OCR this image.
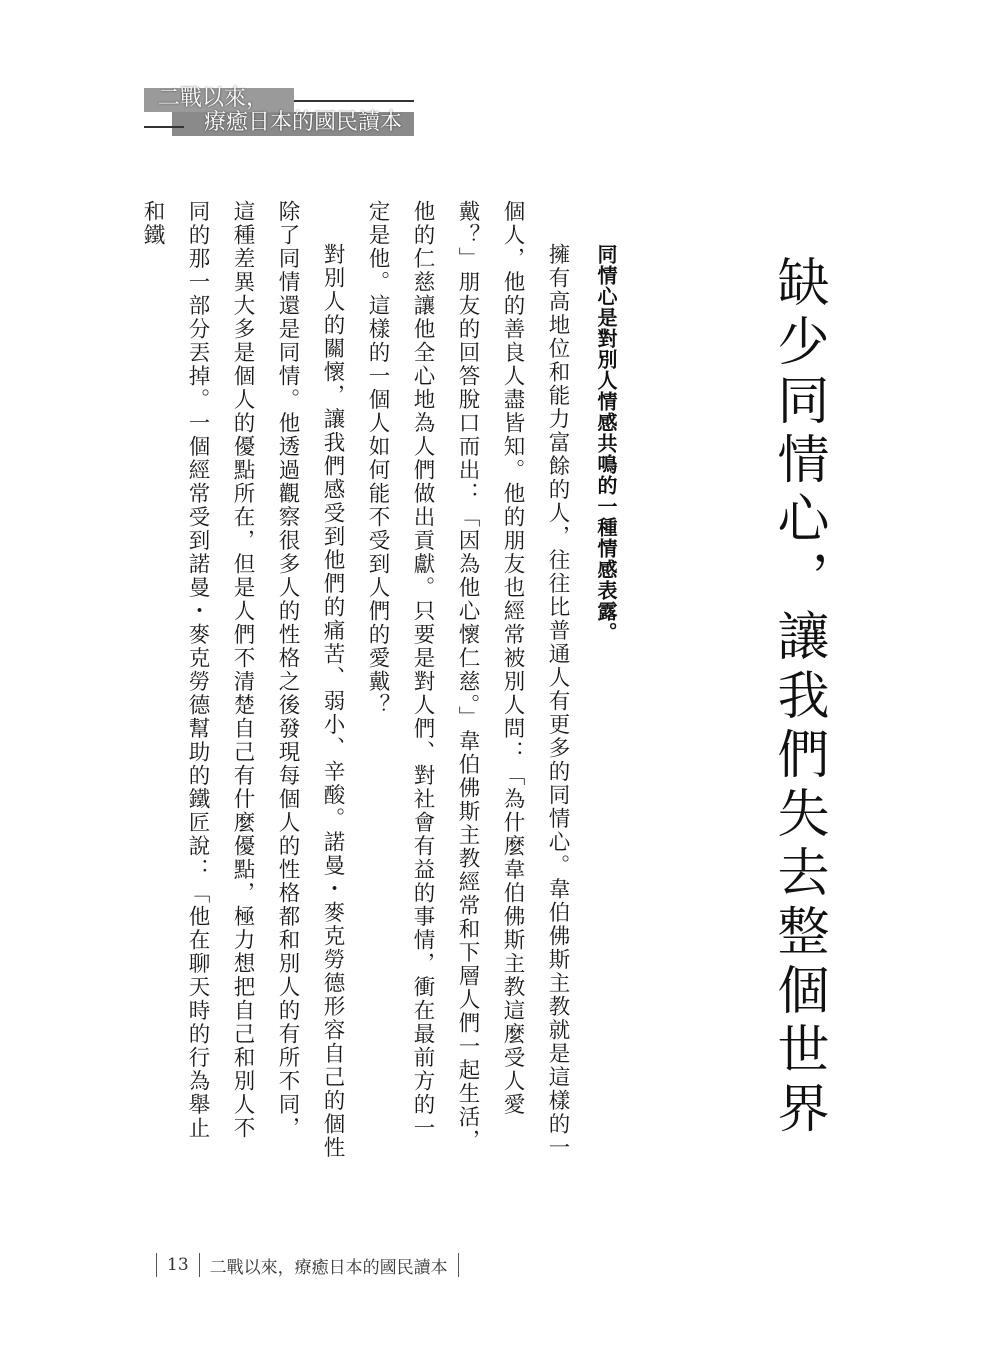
二戰以來，
療癒日本的國民讀本
缺少同情心，讓我們失去整個世界
同情心是對別人情感共鳴的一種情感表露。

擁有高地位和能力富餘的人，往往比普通人有更多的同情心。韋伯佛斯主教就是這樣的一個人，他的善良人盡皆知。他的朋友也經常被別人問：「為什麼韋伯佛斯主教這麼受人愛戴？」朋友的回答脫口而出：「因為他心懷仁慈。」韋伯佛斯主教經常和下層人們一起生活，他的仁慈讓他全心地為人們做出貢獻。只要是對人們、對社會有益的事情，衝在最前方的一定是他。這樣的一個人如何能不受到人們的愛戴？

對別人的關懷，讓我們感受到他們的痛苦、弱小、辛酸。諾曼・麥克勞德形容自己的個性除了同情還是同情。他透過觀察很多人的性格之後發現每個人的性格都和別人的有所不同，這種差異大多是個人的優點所在，但是人們不清楚自己有什麼優點，極力想把自己和別人不同的那一部分丟掉。一個經常受到諾曼・麥克勞德幫助的鐵匠說：「他在聊天時的行為舉止和鐵

13 二戰以來，療癒日本的國民讀本
